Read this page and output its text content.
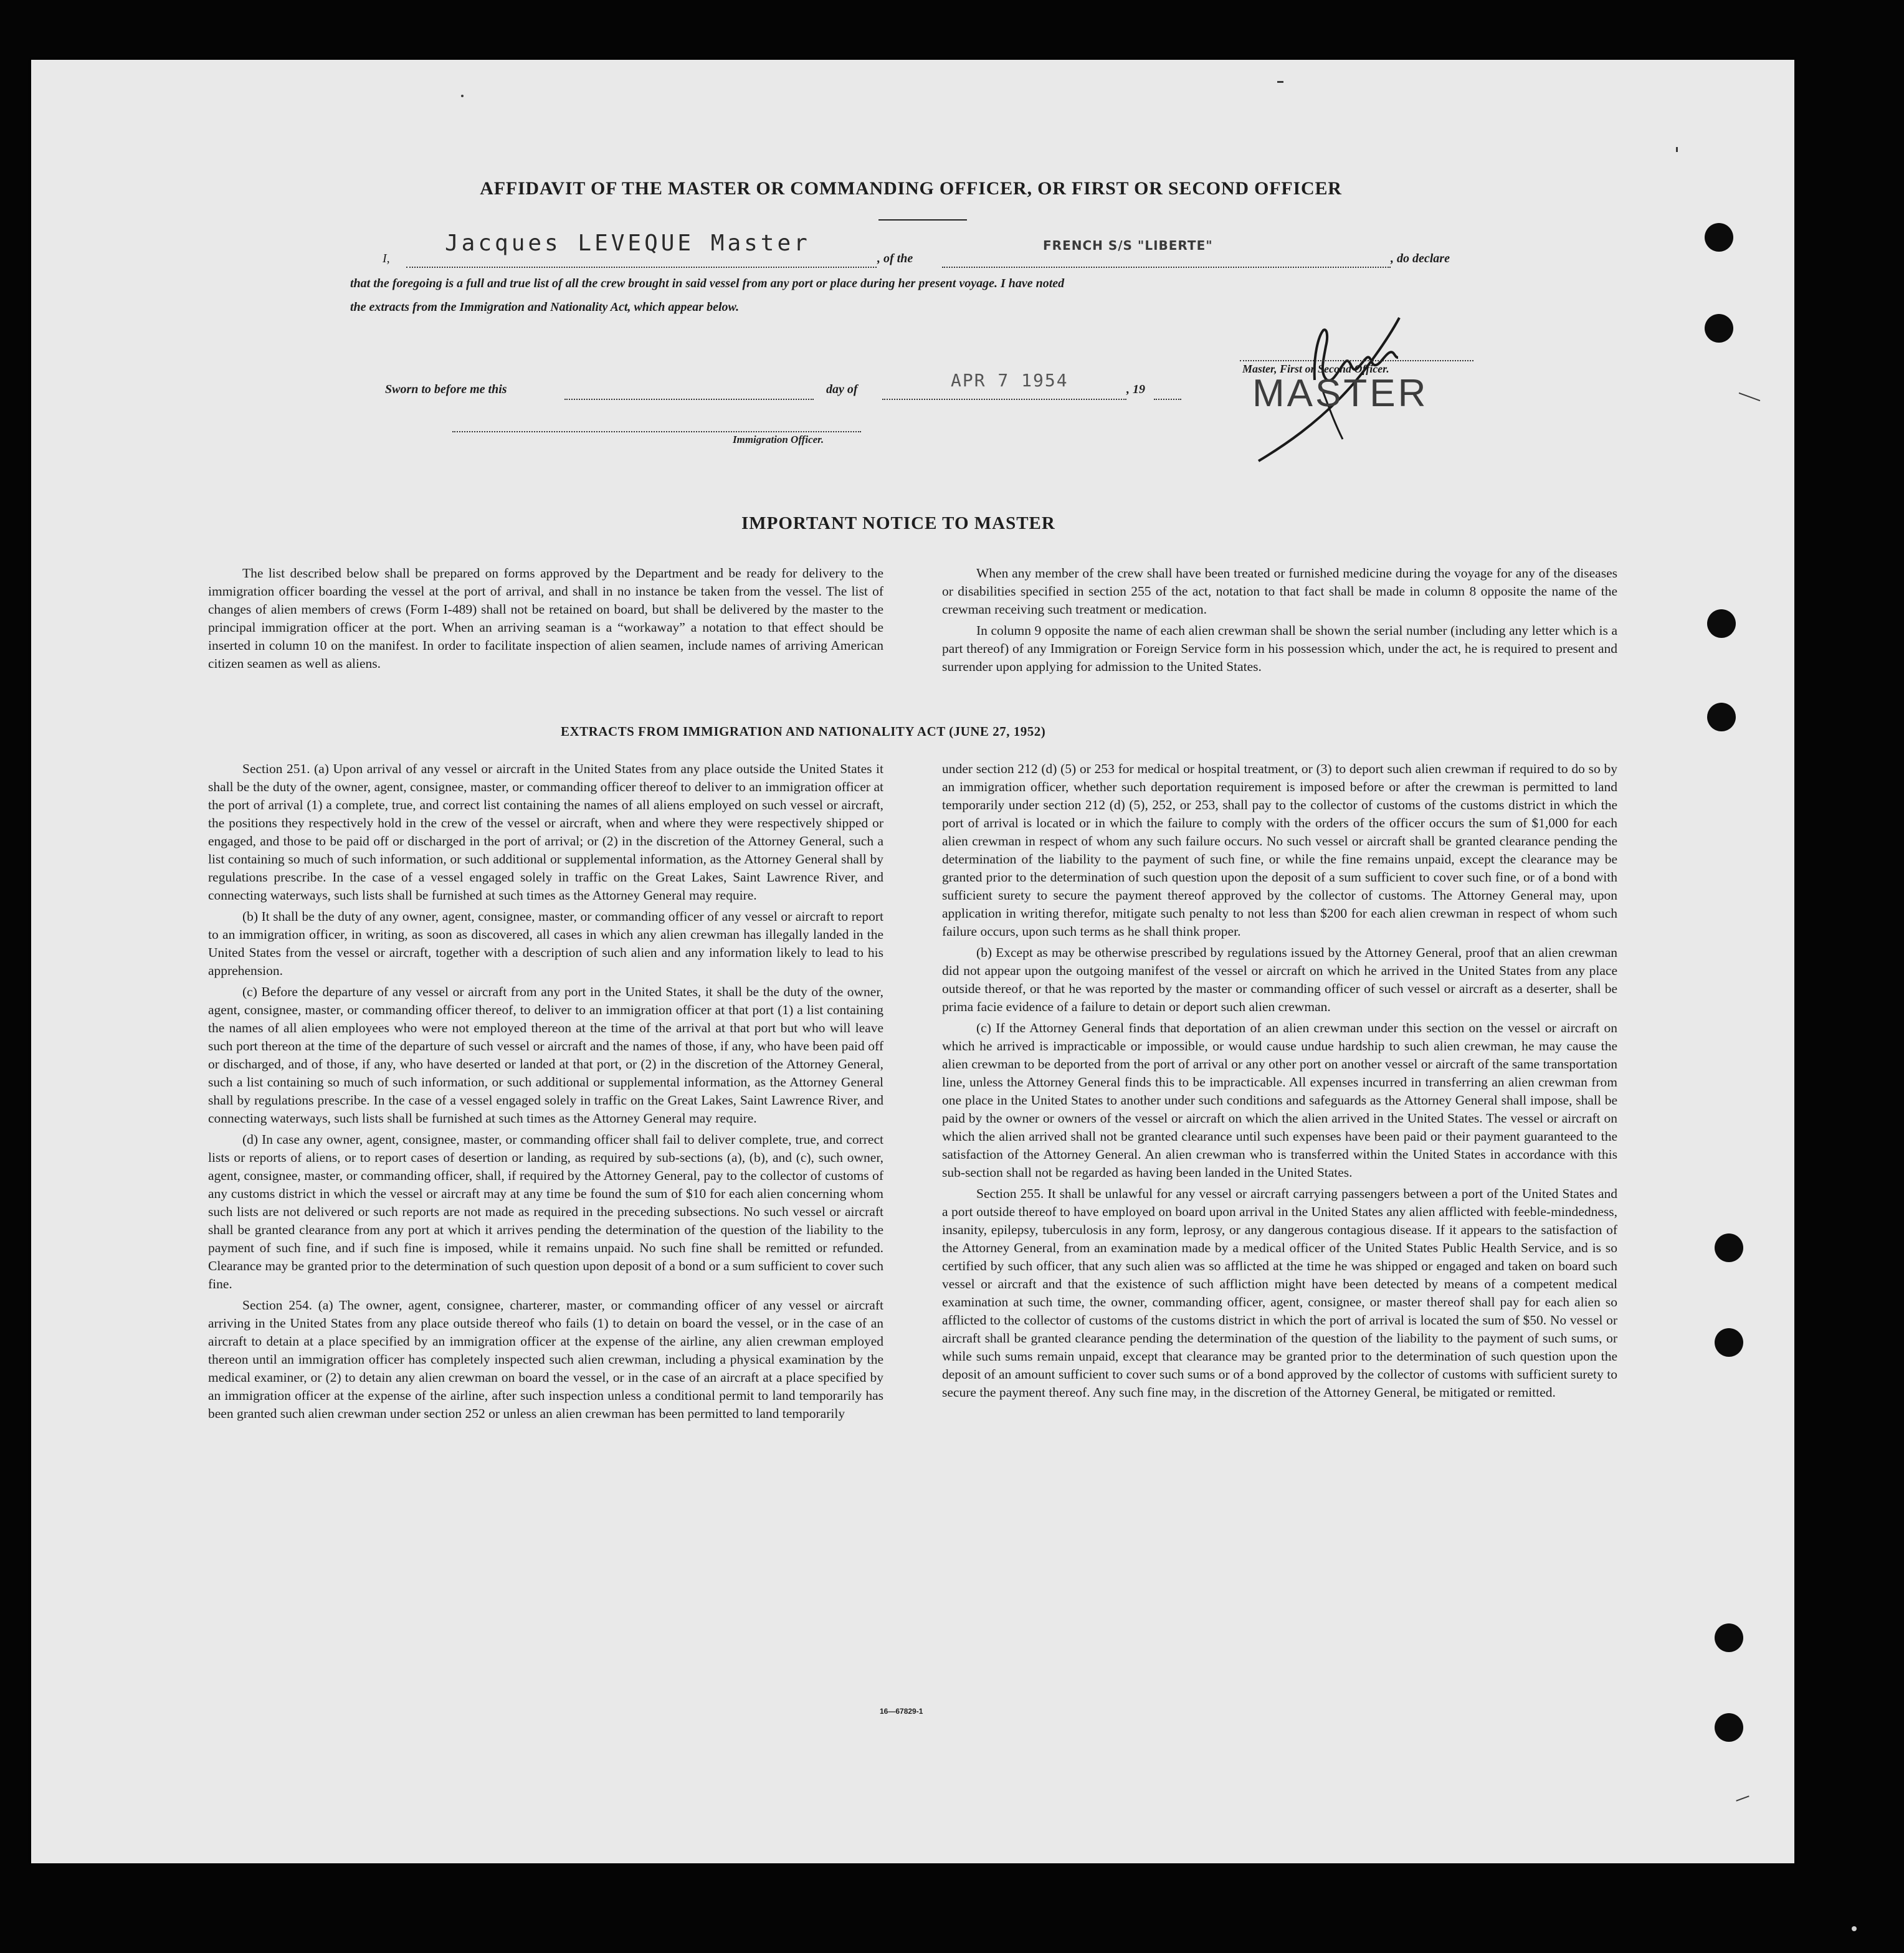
AFFIDAVIT OF THE MASTER OR COMMANDING OFFICER, OR FIRST OR SECOND OFFICER
I,
Jacques LEVEQUE Master
, of the
FRENCH S/S "LIBERTE"
, do declare
that the foregoing is a full and true list of all the crew brought in said vessel from any port or place during her present voyage. I have noted
the extracts from the Immigration and Nationality Act, which appear below.
Master, First or Second Officer.
MASTER
Sworn to before me this	day of	APR 7 1954	, 19
Immigration Officer.
IMPORTANT NOTICE TO MASTER

The list described below shall be prepared on forms approved by the Department and be ready for delivery to the immigration officer boarding the vessel at the port of arrival, and shall in no instance be taken from the vessel. The list of changes of alien members of crews (Form I-489) shall not be retained on board, but shall be delivered by the master to the principal immigration officer at the port. When an arriving seaman is a “workaway” a notation to that effect should be inserted in column 10 on the manifest. In order to facilitate inspection of alien seamen, include names of arriving American citizen seamen as well as aliens.

When any member of the crew shall have been treated or furnished medicine during the voyage for any of the diseases or disabilities specified in section 255 of the act, notation to that fact shall be made in column 8 opposite the name of the crewman receiving such treatment or medication.

In column 9 opposite the name of each alien crewman shall be shown the serial number (including any letter which is a part thereof) of any Immigration or Foreign Service form in his possession which, under the act, he is required to present and surrender upon applying for admission to the United States.

EXTRACTS FROM IMMIGRATION AND NATIONALITY ACT (JUNE 27, 1952)

Section 251. (a) Upon arrival of any vessel or aircraft in the United States from any place outside the United States it shall be the duty of the owner, agent, consignee, master, or commanding officer thereof to deliver to an immigration officer at the port of arrival (1) a complete, true, and correct list containing the names of all aliens employed on such vessel or aircraft, the positions they respectively hold in the crew of the vessel or aircraft, when and where they were respectively shipped or engaged, and those to be paid off or discharged in the port of arrival; or (2) in the discretion of the Attorney General, such a list containing so much of such information, or such additional or supplemental information, as the Attorney General shall by regulations prescribe. In the case of a vessel engaged solely in traffic on the Great Lakes, Saint Lawrence River, and connecting waterways, such lists shall be furnished at such times as the Attorney General may require.

(b) It shall be the duty of any owner, agent, consignee, master, or commanding officer of any vessel or aircraft to report to an immigration officer, in writing, as soon as discovered, all cases in which any alien crewman has illegally landed in the United States from the vessel or aircraft, together with a description of such alien and any information likely to lead to his apprehension.

(c) Before the departure of any vessel or aircraft from any port in the United States, it shall be the duty of the owner, agent, consignee, master, or commanding officer thereof, to deliver to an immigration officer at that port (1) a list containing the names of all alien employees who were not employed thereon at the time of the arrival at that port but who will leave such port thereon at the time of the departure of such vessel or aircraft and the names of those, if any, who have been paid off or discharged, and of those, if any, who have deserted or landed at that port, or (2) in the discretion of the Attorney General, such a list containing so much of such information, or such additional or supplemental information, as the Attorney General shall by regulations prescribe. In the case of a vessel engaged solely in traffic on the Great Lakes, Saint Lawrence River, and connecting waterways, such lists shall be furnished at such times as the Attorney General may require.

(d) In case any owner, agent, consignee, master, or commanding officer shall fail to deliver complete, true, and correct lists or reports of aliens, or to report cases of desertion or landing, as required by sub-sections (a), (b), and (c), such owner, agent, consignee, master, or commanding officer, shall, if required by the Attorney General, pay to the collector of customs of any customs district in which the vessel or aircraft may at any time be found the sum of $10 for each alien concerning whom such lists are not delivered or such reports are not made as required in the preceding subsections. No such vessel or aircraft shall be granted clearance from any port at which it arrives pending the determination of the question of the liability to the payment of such fine, and if such fine is imposed, while it remains unpaid. No such fine shall be remitted or refunded. Clearance may be granted prior to the determination of such question upon deposit of a bond or a sum sufficient to cover such fine.

Section 254. (a) The owner, agent, consignee, charterer, master, or commanding officer of any vessel or aircraft arriving in the United States from any place outside thereof who fails (1) to detain on board the vessel, or in the case of an aircraft to detain at a place specified by an immigration officer at the expense of the airline, any alien crewman employed thereon until an immigration officer has completely inspected such alien crewman, including a physical examination by the medical examiner, or (2) to detain any alien crewman on board the vessel, or in the case of an aircraft at a place specified by an immigration officer at the expense of the airline, after such inspection unless a conditional permit to land temporarily has been granted such alien crewman under section 252 or unless an alien crewman has been permitted to land temporarily

under section 212 (d) (5) or 253 for medical or hospital treatment, or (3) to deport such alien crewman if required to do so by an immigration officer, whether such deportation requirement is imposed before or after the crewman is permitted to land temporarily under section 212 (d) (5), 252, or 253, shall pay to the collector of customs of the customs district in which the port of arrival is located or in which the failure to comply with the orders of the officer occurs the sum of $1,000 for each alien crewman in respect of whom any such failure occurs. No such vessel or aircraft shall be granted clearance pending the determination of the liability to the payment of such fine, or while the fine remains unpaid, except the clearance may be granted prior to the determination of such question upon the deposit of a sum sufficient to cover such fine, or of a bond with sufficient surety to secure the payment thereof approved by the collector of customs. The Attorney General may, upon application in writing therefor, mitigate such penalty to not less than $200 for each alien crewman in respect of whom such failure occurs, upon such terms as he shall think proper.

(b) Except as may be otherwise prescribed by regulations issued by the Attorney General, proof that an alien crewman did not appear upon the outgoing manifest of the vessel or aircraft on which he arrived in the United States from any place outside thereof, or that he was reported by the master or commanding officer of such vessel or aircraft as a deserter, shall be prima facie evidence of a failure to detain or deport such alien crewman.

(c) If the Attorney General finds that deportation of an alien crewman under this section on the vessel or aircraft on which he arrived is impracticable or impossible, or would cause undue hardship to such alien crewman, he may cause the alien crewman to be deported from the port of arrival or any other port on another vessel or aircraft of the same transportation line, unless the Attorney General finds this to be impracticable. All expenses incurred in transferring an alien crewman from one place in the United States to another under such conditions and safeguards as the Attorney General shall impose, shall be paid by the owner or owners of the vessel or aircraft on which the alien arrived in the United States. The vessel or aircraft on which the alien arrived shall not be granted clearance until such expenses have been paid or their payment guaranteed to the satisfaction of the Attorney General. An alien crewman who is transferred within the United States in accordance with this sub-section shall not be regarded as having been landed in the United States.

Section 255. It shall be unlawful for any vessel or aircraft carrying passengers between a port of the United States and a port outside thereof to have employed on board upon arrival in the United States any alien afflicted with feeble-mindedness, insanity, epilepsy, tuberculosis in any form, leprosy, or any dangerous contagious disease. If it appears to the satisfaction of the Attorney General, from an examination made by a medical officer of the United States Public Health Service, and is so certified by such officer, that any such alien was so afflicted at the time he was shipped or engaged and taken on board such vessel or aircraft and that the existence of such affliction might have been detected by means of a competent medical examination at such time, the owner, commanding officer, agent, consignee, or master thereof shall pay for each alien so afflicted to the collector of customs of the customs district in which the port of arrival is located the sum of $50. No vessel or aircraft shall be granted clearance pending the determination of the question of the liability to the payment of such sums, or while such sums remain unpaid, except that clearance may be granted prior to the determination of such question upon the deposit of an amount sufficient to cover such sums or of a bond approved by the collector of customs with sufficient surety to secure the payment thereof. Any such fine may, in the discretion of the Attorney General, be mitigated or remitted.

16—67829-1
